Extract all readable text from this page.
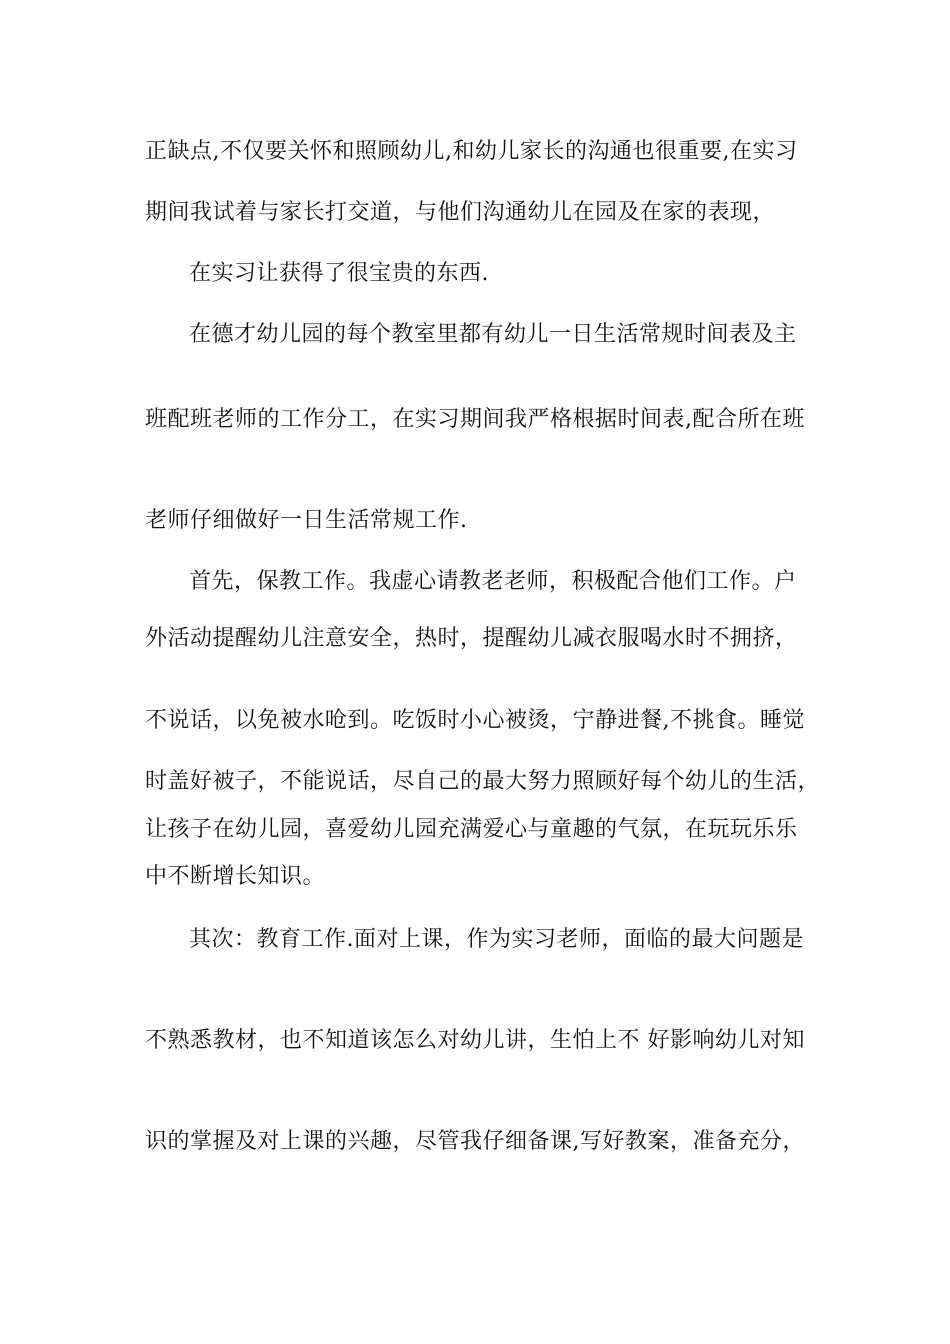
正缺点,不仅要关怀和照顾幼儿,和幼儿家长的沟通也很重要,在实习
期间我试着与家长打交道，与他们沟通幼儿在园及在家的表现，
在实习让获得了很宝贵的东西.
在德才幼儿园的每个教室里都有幼儿一日生活常规时间表及主
班配班老师的工作分工，在实习期间我严格根据时间表,配合所在班
老师仔细做好一日生活常规工作.
首先，保教工作。我虚心请教老老师，积极配合他们工作。户
外活动提醒幼儿注意安全，热时，提醒幼儿减衣服喝水时不拥挤，
不说话，以免被水呛到。吃饭时小心被烫，宁静进餐,不挑食。睡觉
时盖好被子，不能说话，尽自己的最大努力照顾好每个幼儿的生活，
让孩子在幼儿园，喜爱幼儿园充满爱心与童趣的气氛，在玩玩乐乐
中不断增长知识。
其次：教育工作.面对上课，作为实习老师，面临的最大问题是
不熟悉教材，也不知道该怎么对幼儿讲，生怕上不 好影响幼儿对知
识的掌握及对上课的兴趣，尽管我仔细备课,写好教案，准备充分，
